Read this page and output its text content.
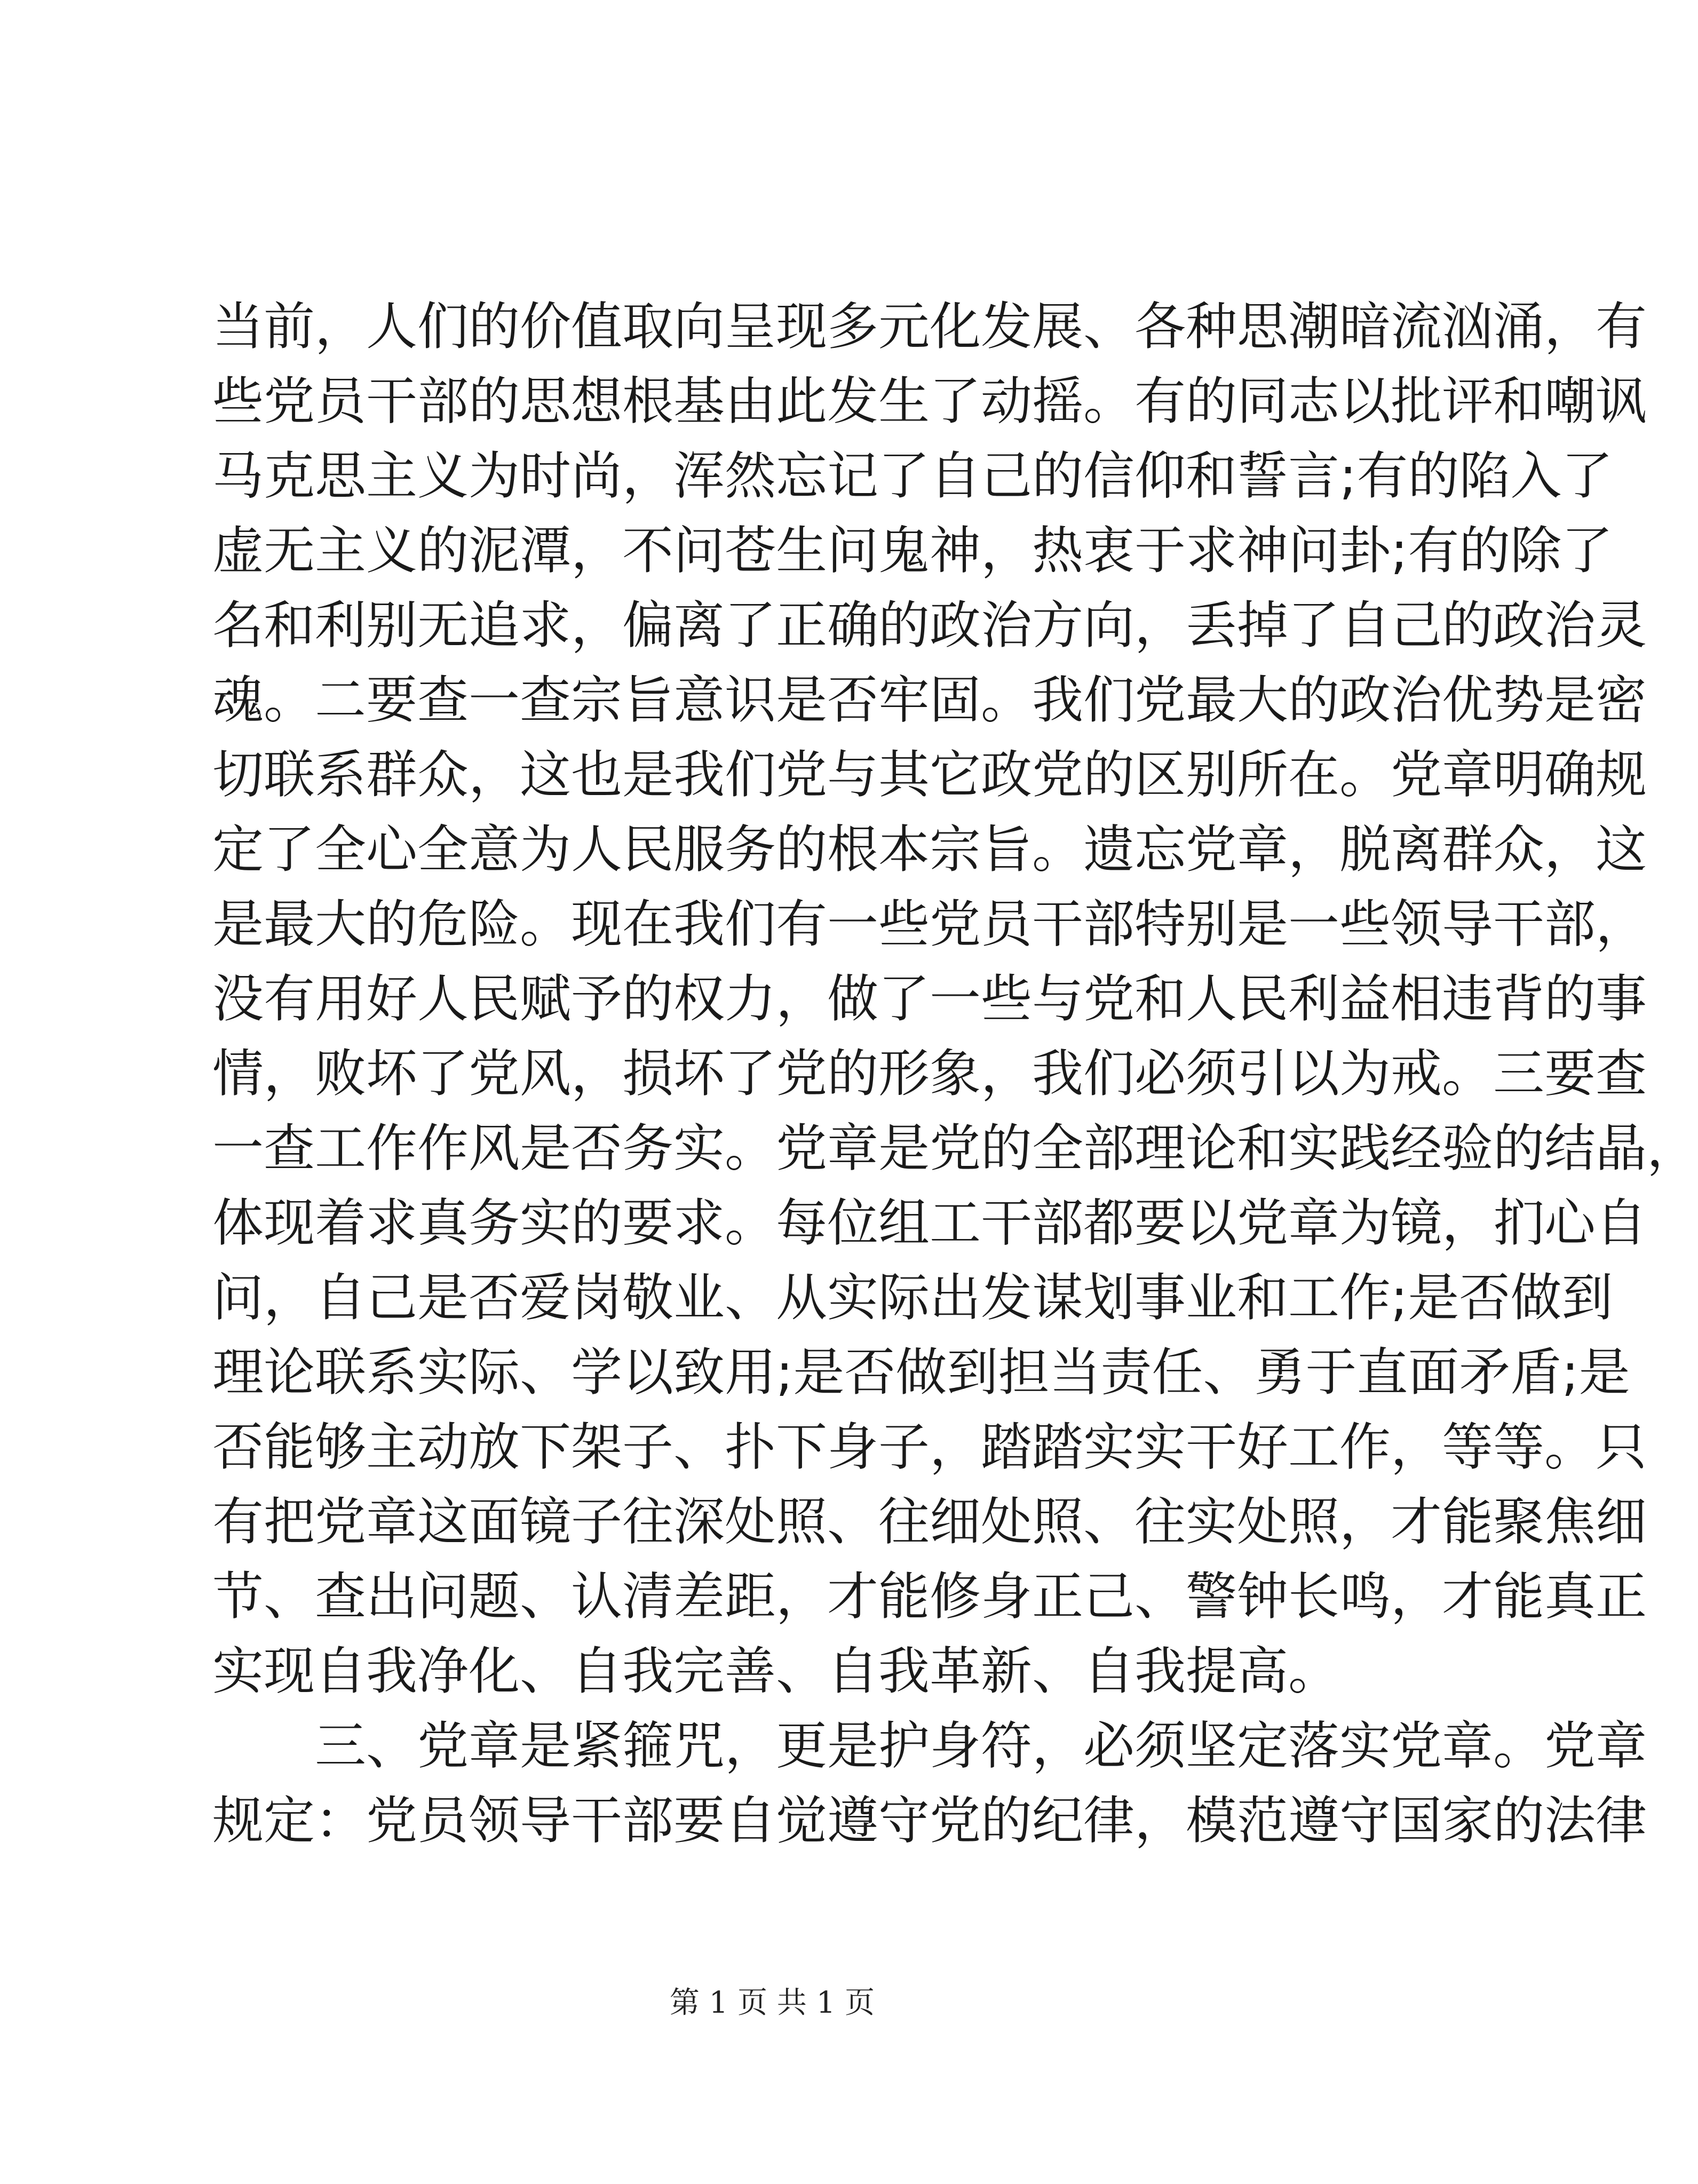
当前，人们的价值取向呈现多元化发展、各种思潮暗流汹涌，有
些党员干部的思想根基由此发生了动摇。有的同志以批评和嘲讽
马克思主义为时尚，浑然忘记了自己的信仰和誓言;有的陷入了
虚无主义的泥潭，不问苍生问鬼神，热衷于求神问卦;有的除了
名和利别无追求，偏离了正确的政治方向，丢掉了自己的政治灵
魂。二要查一查宗旨意识是否牢固。我们党最大的政治优势是密
切联系群众，这也是我们党与其它政党的区别所在。党章明确规
定了全心全意为人民服务的根本宗旨。遗忘党章，脱离群众，这
是最大的危险。现在我们有一些党员干部特别是一些领导干部，
没有用好人民赋予的权力，做了一些与党和人民利益相违背的事
情，败坏了党风，损坏了党的形象，我们必须引以为戒。三要查
一查工作作风是否务实。党章是党的全部理论和实践经验的结晶，
体现着求真务实的要求。每位组工干部都要以党章为镜，扪心自
问，自己是否爱岗敬业、从实际出发谋划事业和工作;是否做到
理论联系实际、学以致用;是否做到担当责任、勇于直面矛盾;是
否能够主动放下架子、扑下身子，踏踏实实干好工作，等等。只
有把党章这面镜子往深处照、往细处照、往实处照，才能聚焦细
节、查出问题、认清差距，才能修身正己、警钟长鸣，才能真正
实现自我净化、自我完善、自我革新、自我提高。
三、党章是紧箍咒，更是护身符，必须坚定落实党章。党章
规定：党员领导干部要自觉遵守党的纪律，模范遵守国家的法律
第 1 页 共 1 页
